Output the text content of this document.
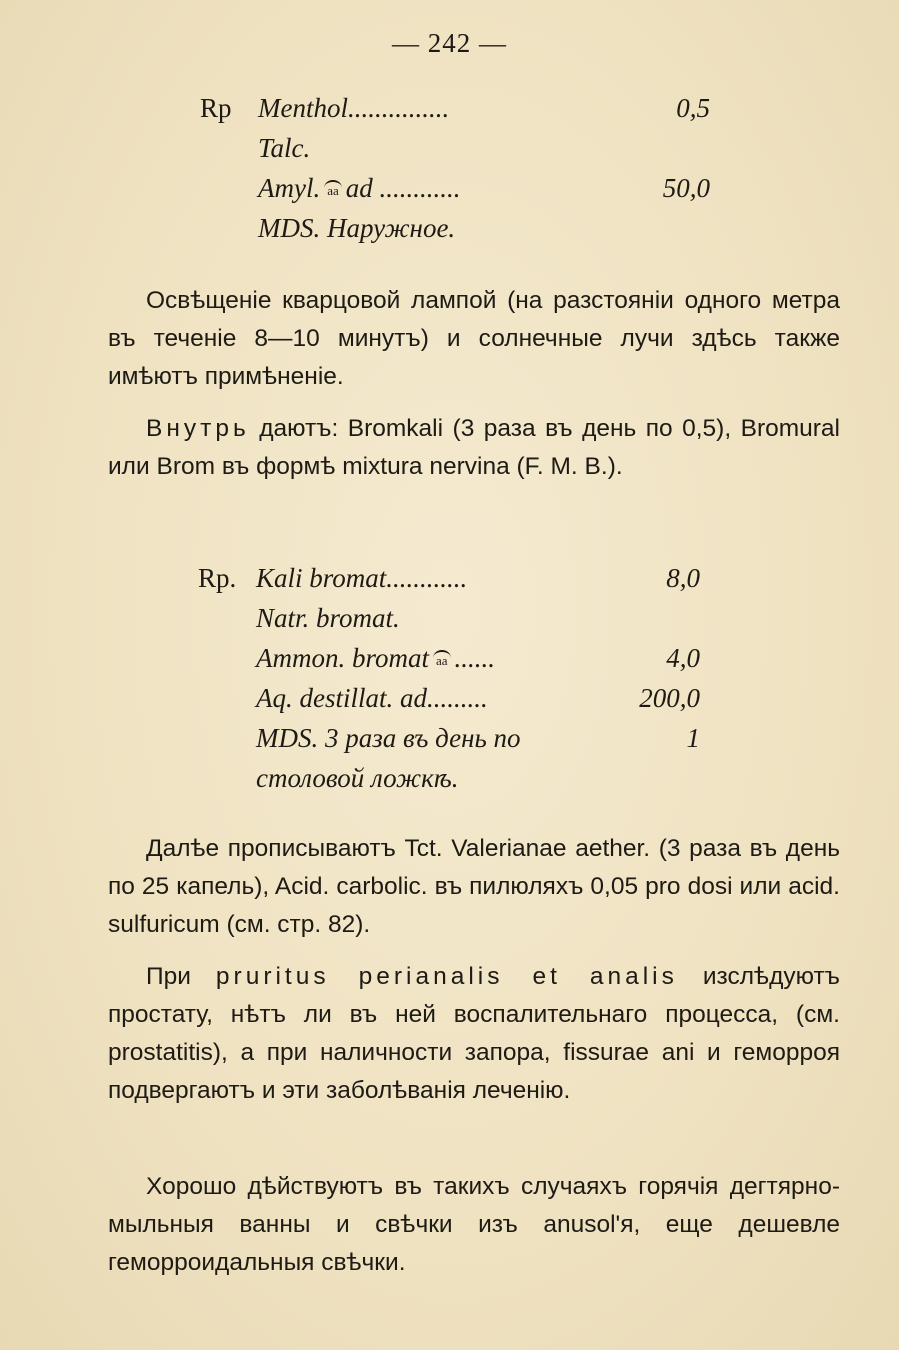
— 242 —
Rp Menthol...............	0,5
Talc.
Amyl. aa ad ............	50,0
MDS. Наружное.

Освѣщеніе кварцовой лампой (на разстояніи одного метра въ теченіе 8—10 минутъ) и солнечные лучи здѣсь также имѣютъ примѣненіе.

Внутрь даютъ: Bromkali (3 раза въ день по 0,5), Bromural или Brom въ формѣ mixtura nervina (F. M. B.).

Rp. Kali bromat............	8,0
Natr. bromat.
Ammon. bromat aa ......	4,0
Aq. destillat. ad.........	200,0
MDS. 3 раза въ день по	1
столовой ложкѣ.

Далѣе прописываютъ Tct. Valerianae aether. (3 раза въ день по 25 капель), Acid. carbolic. въ пилюляхъ 0,05 pro dosi или acid. sulfuricum (см. стр. 82).

При pruritus perianalis et analis изслѣдуютъ простату, нѣтъ ли въ ней воспалительнаго процесса, (см. prostatitis), а при наличности запора, fissurae ani и геморроя подвергаютъ и эти заболѣванія леченію.

Хорошо дѣйствуютъ въ такихъ случаяхъ горячія дегтярно-мыльныя ванны и свѣчки изъ anusol'я, еще дешевле геморроидальныя свѣчки.
